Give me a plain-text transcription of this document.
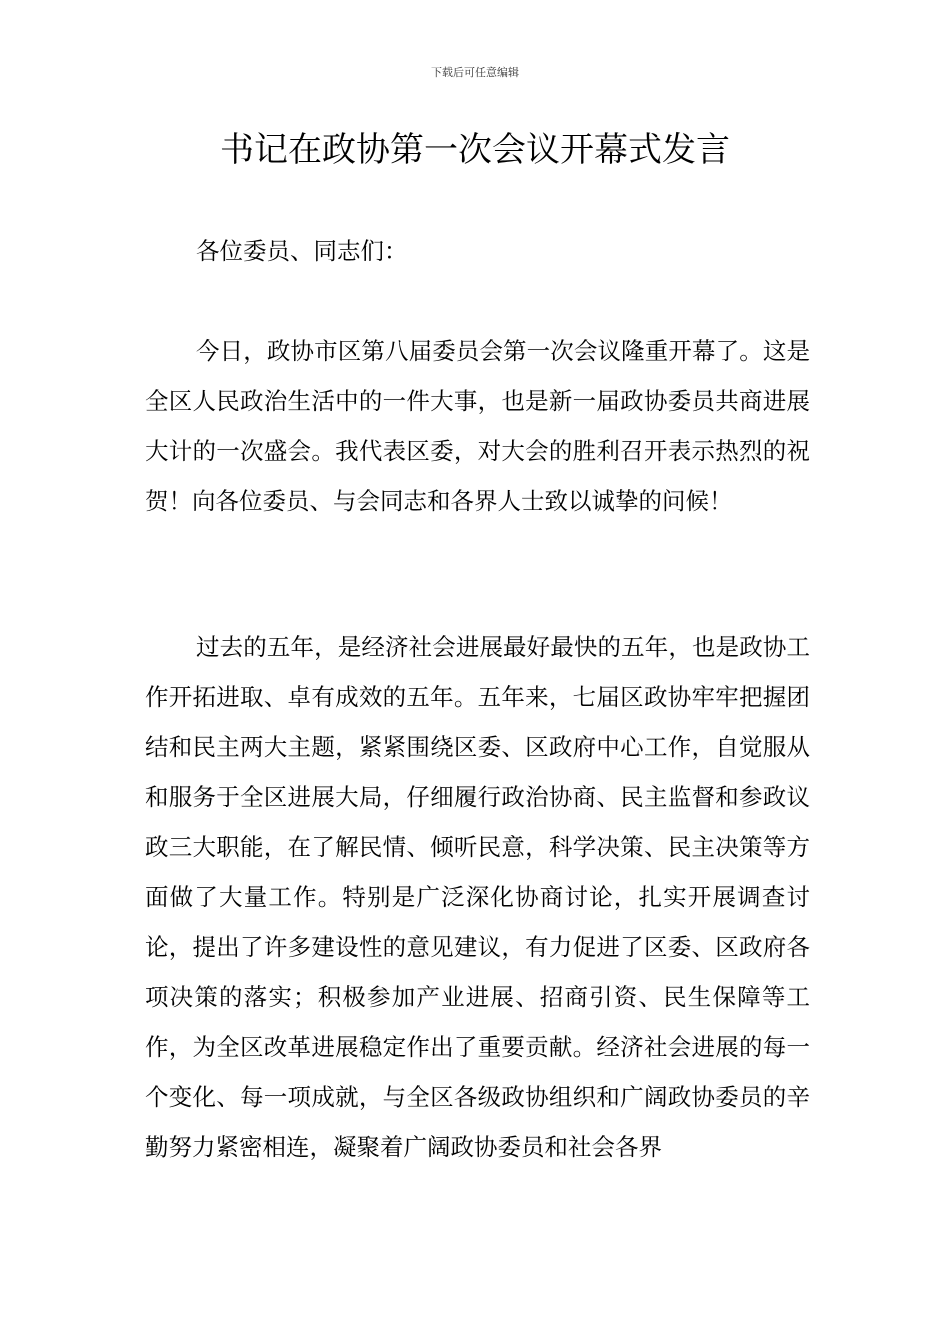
下载后可任意编辑
书记在政协第一次会议开幕式发言

各位委员、同志们：

今日，政协市区第八届委员会第一次会议隆重开幕了。这是全区人民政治生活中的一件大事，也是新一届政协委员共商进展大计的一次盛会。我代表区委，对大会的胜利召开表示热烈的祝贺！向各位委员、与会同志和各界人士致以诚挚的问候！

过去的五年，是经济社会进展最好最快的五年，也是政协工作开拓进取、卓有成效的五年。五年来，七届区政协牢牢把握团结和民主两大主题，紧紧围绕区委、区政府中心工作，自觉服从和服务于全区进展大局，仔细履行政治协商、民主监督和参政议政三大职能，在了解民情、倾听民意，科学决策、民主决策等方面做了大量工作。特别是广泛深化协商讨论，扎实开展调查讨论，提出了许多建设性的意见建议，有力促进了区委、区政府各项决策的落实；积极参加产业进展、招商引资、民生保障等工作，为全区改革进展稳定作出了重要贡献。经济社会进展的每一个变化、每一项成就，与全区各级政协组织和广阔政协委员的辛勤努力紧密相连，凝聚着广阔政协委员和社会各界
